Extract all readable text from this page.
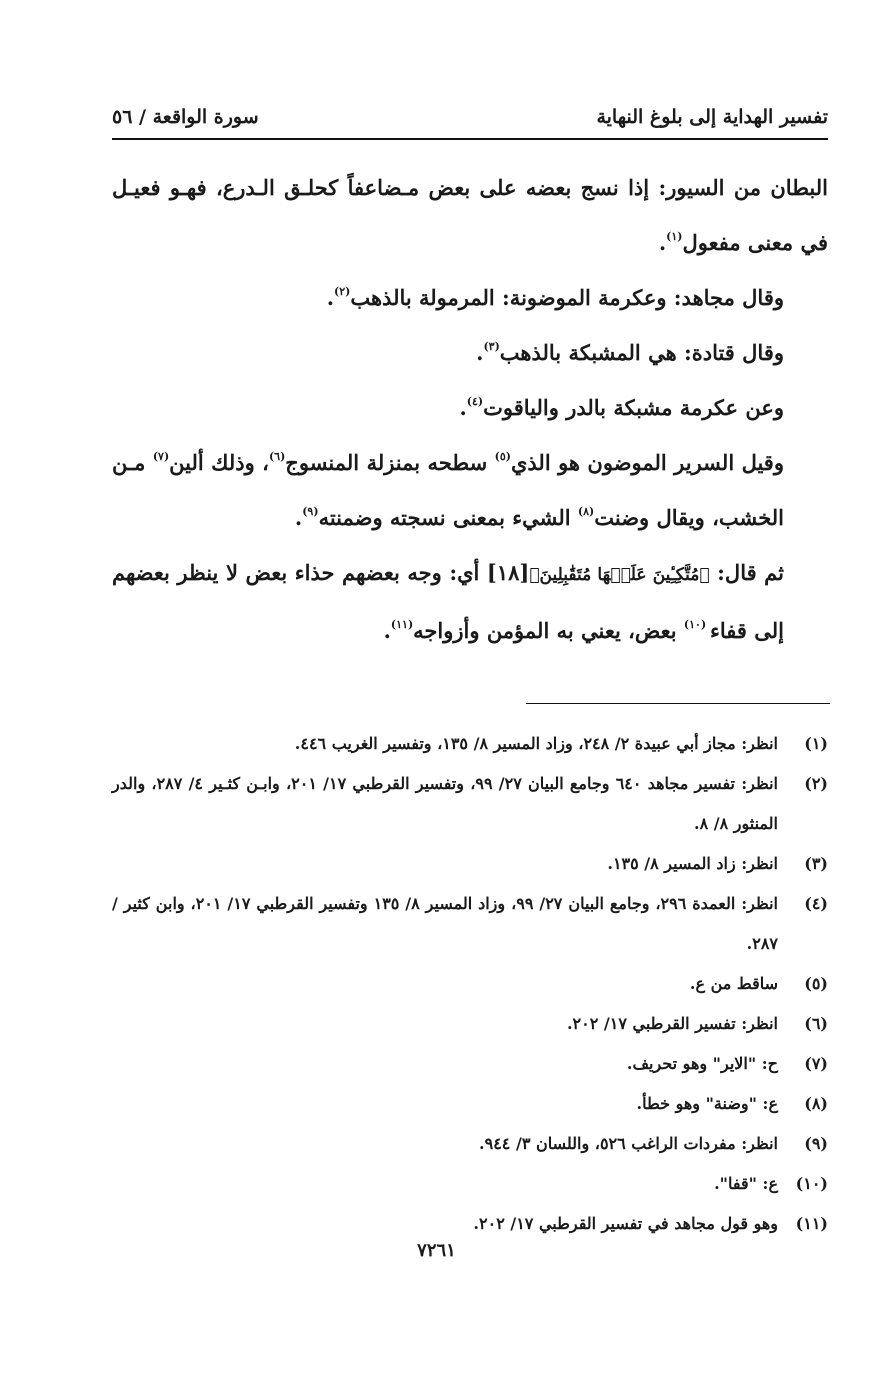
تفسير الهداية إلى بلوغ النهاية
سورة الواقعة / ٥٦

البطان من السيور: إذا نسج بعضه على بعض مـضاعفاً كحلـق الـدرع، فهـو فعيـل في معنى مفعول$^{(١)}$.

وقال مجاهد: وعكرمة الموضونة: المرمولة بالذهب$^{(٢)}$.

وقال قتادة: هي المشبكة بالذهب$^{(٣)}$.

وعن عكرمة مشبكة بالدر والياقوت$^{(٤)}$.

وقيل السرير الموضون هو الذي$^{(٥)}$ سطحه بمنزلة المنسوج$^{(٦)}$، وذلك ألين$^{(٧)}$ مـن الخشب، ويقال وضنت$^{(٨)}$ الشيء بمعنى نسجته وضمنته$^{(٩)}$.

ثم قال: ﴿مُتَّكِـِٔينَ عَلَيۡهَا مُتَقَٰبِلِينَ﴾[١٨] أي: وجه بعضهم حذاء بعض لا ينظر بعضهم إلى قفاء $^{(١٠)}$ بعض، يعني به المؤمن وأزواجه$^{(١١)}$.

(١)
انظر: مجاز أبي عبيدة ٢/ ٢٤٨، وزاد المسير ٨/ ١٣٥، وتفسير الغريب ٤٤٦.
(٢)
انظر: تفسير مجاهد ٦٤٠ وجامع البيان ٢٧/ ٩٩، وتفسير القرطبي ١٧/ ٢٠١، وابـن كثـير ٤/ ٢٨٧، والدر المنثور ٨/ ٨.
(٣)
انظر: زاد المسير ٨/ ١٣٥.
(٤)
انظر: العمدة ٢٩٦، وجامع البيان ٢٧/ ٩٩، وزاد المسير ٨/ ١٣٥ وتفسير القرطبي ١٧/ ٢٠١، وابن كثير / ٢٨٧.
(٥)
ساقط من ع.
(٦)
انظر: تفسير القرطبي ١٧/ ٢٠٢.
(٧)
ح: "الاير" وهو تحريف.
(٨)
ع: "وضنة" وهو خطأ.
(٩)
انظر: مفردات الراغب ٥٢٦، واللسان ٣/ ٩٤٤.
(١٠)
ع: "قفا".
(١١)
وهو قول مجاهد في تفسير القرطبي ١٧/ ٢٠٢.
٧٢٦١
